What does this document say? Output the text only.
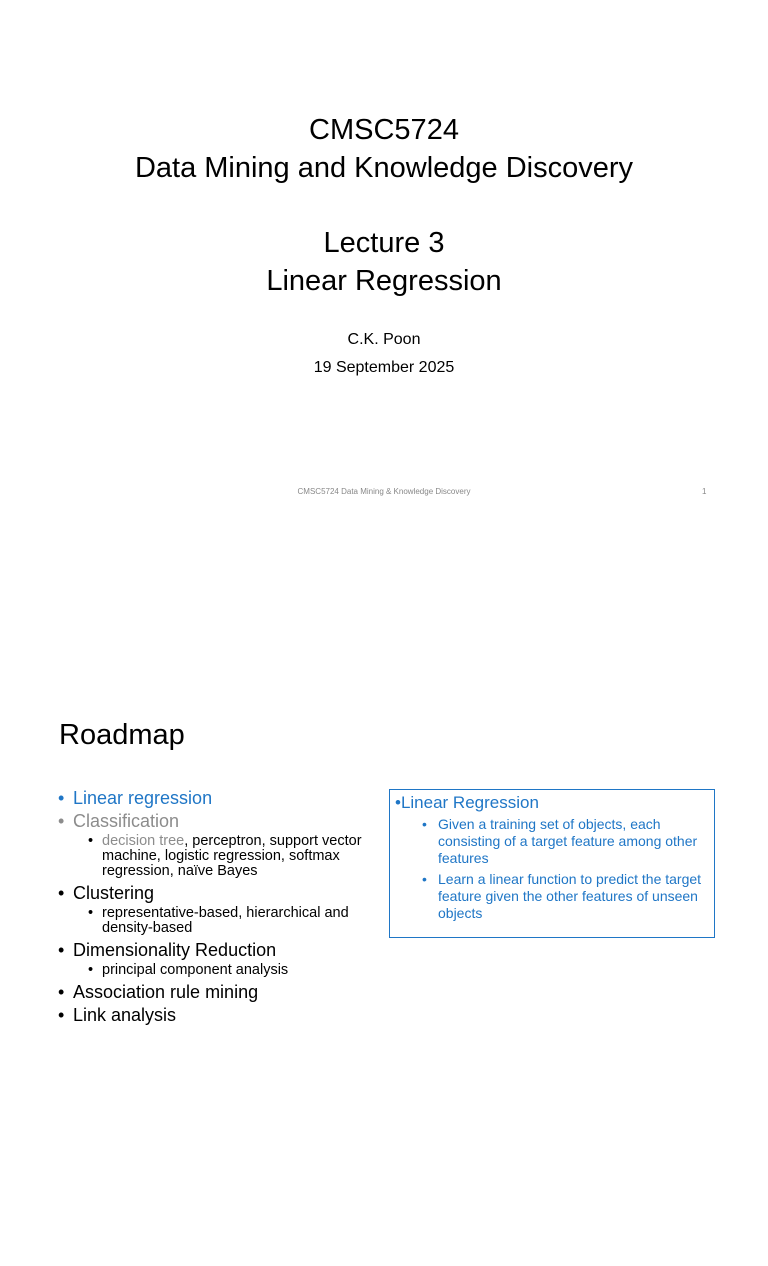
CMSC5724
Data Mining and Knowledge Discovery
Lecture 3
Linear Regression
C.K. Poon
19 September 2025
CMSC5724 Data Mining & Knowledge Discovery	1
Roadmap
• Linear regression
• Classification
• decision tree, perceptron, support vector machine, logistic regression, softmax regression, naïve Bayes
• Clustering
• representative-based, hierarchical and density-based
• Dimensionality Reduction
• principal component analysis
• Association rule mining
• Link analysis
• Linear Regression
• Given a training set of objects, each consisting of a target feature among other features
• Learn a linear function to predict the target feature given the other features of unseen objects
